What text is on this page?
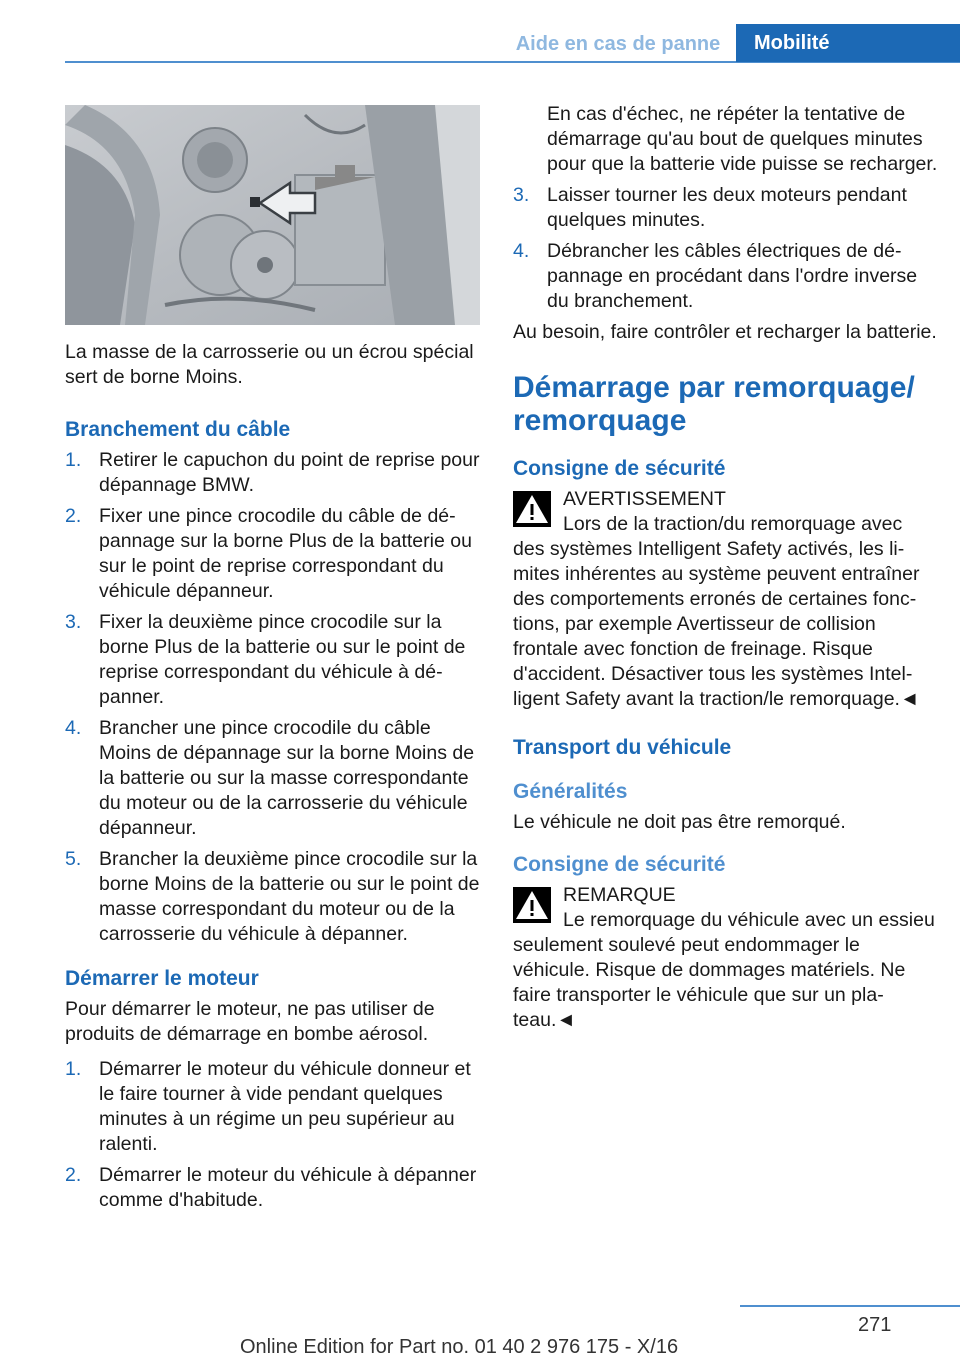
Aide en cas de panne	Mobilité

La masse de la carrosserie ou un écrou spécial sert de borne Moins.

Branchement du câble

1. Retirer le capuchon du point de reprise pour dépannage BMW.
2. Fixer une pince crocodile du câble de dépannage sur la borne Plus de la batterie ou sur le point de reprise correspondant du véhicule dépanneur.
3. Fixer la deuxième pince crocodile sur la borne Plus de la batterie ou sur le point de reprise correspondant du véhicule à dépanner.
4. Brancher une pince crocodile du câble Moins de dépannage sur la borne Moins de la batterie ou sur la masse correspondante du moteur ou de la carrosserie du véhicule dépanneur.
5. Brancher la deuxième pince crocodile sur la borne Moins de la batterie ou sur le point de masse correspondant du moteur ou de la carrosserie du véhicule à dépanner.

Démarrer le moteur

Pour démarrer le moteur, ne pas utiliser de produits de démarrage en bombe aérosol.

1. Démarrer le moteur du véhicule donneur et le faire tourner à vide pendant quelques minutes à un régime un peu supérieur au ralenti.
2. Démarrer le moteur du véhicule à dépanner comme d'habitude.

En cas d'échec, ne répéter la tentative de démarrage qu'au bout de quelques minutes pour que la batterie vide puisse se recharger.

3. Laisser tourner les deux moteurs pendant quelques minutes.
4. Débrancher les câbles électriques de dépannage en procédant dans l'ordre inverse du branchement.

Au besoin, faire contrôler et recharger la batterie.

Démarrage par remorquage/ remorquage

Consigne de sécurité

AVERTISSEMENT

Lors de la traction/du remorquage avec des systèmes Intelligent Safety activés, les limites inhérentes au système peuvent entraîner des comportements erronés de certaines fonctions, par exemple Avertisseur de collision frontale avec fonction de freinage. Risque d'accident. Désactiver tous les systèmes Intelligent Safety avant la traction/le remorquage.◄

Transport du véhicule

Généralités

Le véhicule ne doit pas être remorqué.

Consigne de sécurité

REMARQUE

Le remorquage du véhicule avec un essieu seulement soulevé peut endommager le véhicule. Risque de dommages matériels. Ne faire transporter le véhicule que sur un plateau.◄

271
Online Edition for Part no. 01 40 2 976 175 - X/16
